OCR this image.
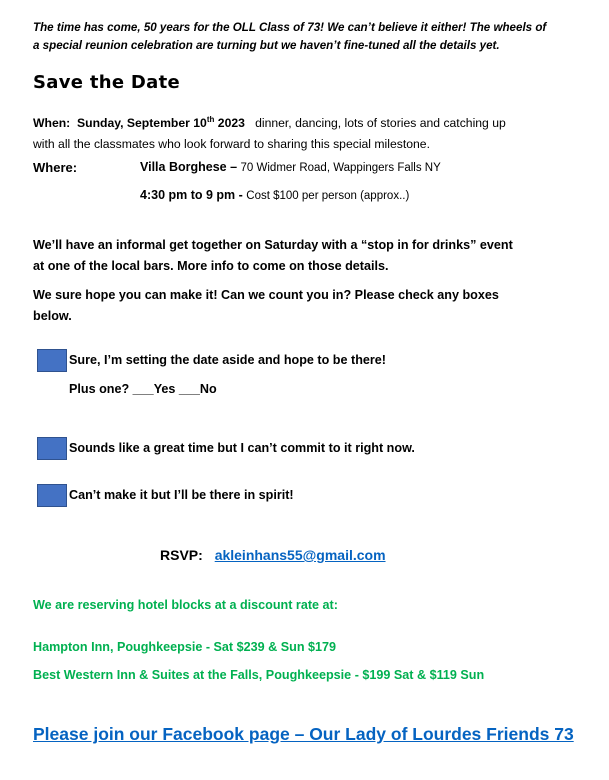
The time has come, 50 years for the OLL Class of 73! We can’t believe it either! The wheels of
a special reunion celebration are turning but we haven’t fine-tuned all the details yet.
Save the Date
When: Sunday, September 10th 2023 dinner, dancing, lots of stories and catching up
with all the classmates who look forward to sharing this special milestone.
Where:	Villa Borghese – 70 Widmer Road, Wappingers Falls NY
4:30 pm to 9 pm - Cost $100 per person (approx..)
We’ll have an informal get together on Saturday with a “stop in for drinks” event
at one of the local bars. More info to come on those details.
We sure hope you can make it! Can we count you in? Please check any boxes
below.
Sure, I’m setting the date aside and hope to be there!
Plus one? ___Yes ___No
Sounds like a great time but I can’t commit to it right now.
Can’t make it but I’ll be there in spirit!
RSVP: akleinhans55@gmail.com
We are reserving hotel blocks at a discount rate at:
Hampton Inn, Poughkeepsie - Sat $239 & Sun $179
Best Western Inn & Suites at the Falls, Poughkeepsie - $199 Sat & $119 Sun
Please join our Facebook page – Our Lady of Lourdes Friends 73
